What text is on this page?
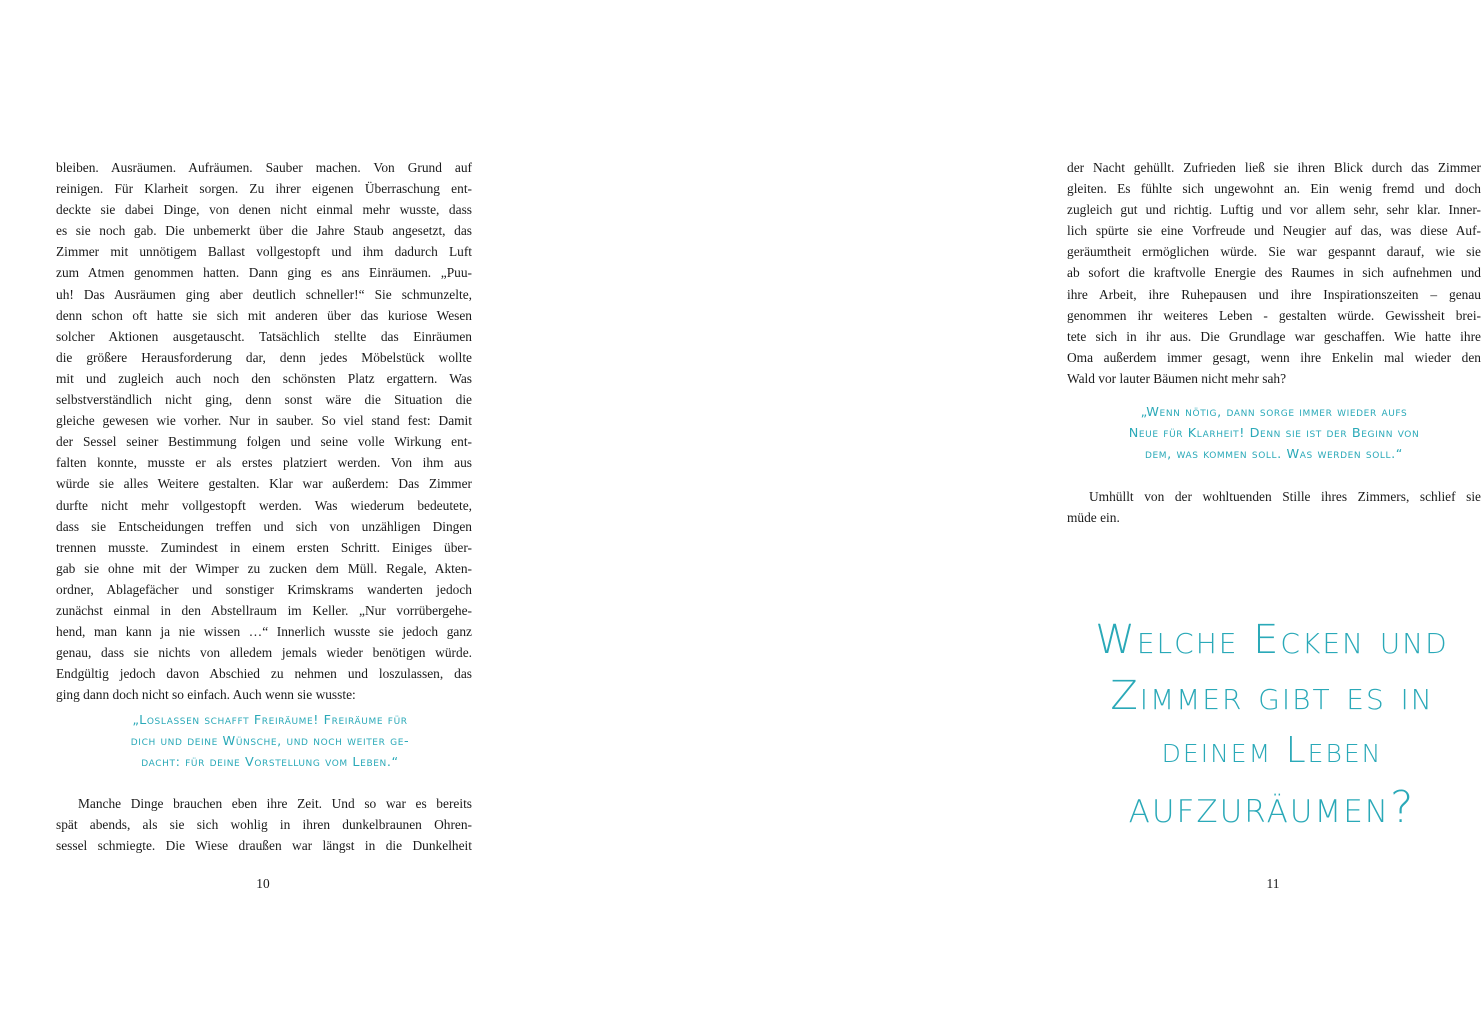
bleiben. Ausräumen. Aufräumen. Sauber machen. Von Grund auf
reinigen. Für Klarheit sorgen. Zu ihrer eigenen Überraschung ent-
deckte sie dabei Dinge, von denen nicht einmal mehr wusste, dass
es sie noch gab. Die unbemerkt über die Jahre Staub angesetzt, das
Zimmer mit unnötigem Ballast vollgestopft und ihm dadurch Luft
zum Atmen genommen hatten. Dann ging es ans Einräumen. „Puu-
uh! Das Ausräumen ging aber deutlich schneller!“ Sie schmunzelte,
denn schon oft hatte sie sich mit anderen über das kuriose Wesen
solcher Aktionen ausgetauscht. Tatsächlich stellte das Einräumen
die größere Herausforderung dar, denn jedes Möbelstück wollte
mit und zugleich auch noch den schönsten Platz ergattern. Was
selbstverständlich nicht ging, denn sonst wäre die Situation die
gleiche gewesen wie vorher. Nur in sauber. So viel stand fest: Damit
der Sessel seiner Bestimmung folgen und seine volle Wirkung ent-
falten konnte, musste er als erstes platziert werden. Von ihm aus
würde sie alles Weitere gestalten. Klar war außerdem: Das Zimmer
durfte nicht mehr vollgestopft werden. Was wiederum bedeutete,
dass sie Entscheidungen treffen und sich von unzähligen Dingen
trennen musste. Zumindest in einem ersten Schritt. Einiges über-
gab sie ohne mit der Wimper zu zucken dem Müll. Regale, Akten-
ordner, Ablagefächer und sonstiger Krimskrams wanderten jedoch
zunächst einmal in den Abstellraum im Keller. „Nur vorrübergehe-
hend, man kann ja nie wissen …“ Innerlich wusste sie jedoch ganz
genau, dass sie nichts von alledem jemals wieder benötigen würde.
Endgültig jedoch davon Abschied zu nehmen und loszulassen, das
ging dann doch nicht so einfach. Auch wenn sie wusste:
„Loslassen schafft Freiräume! Freiräume für
dich und deine Wünsche, und noch weiter ge-
dacht: für deine Vorstellung vom Leben.“
Manche Dinge brauchen eben ihre Zeit. Und so war es bereits
spät abends, als sie sich wohlig in ihren dunkelbraunen Ohren-
sessel schmiegte. Die Wiese draußen war längst in die Dunkelheit
10
der Nacht gehüllt. Zufrieden ließ sie ihren Blick durch das Zimmer
gleiten. Es fühlte sich ungewohnt an. Ein wenig fremd und doch
zugleich gut und richtig. Luftig und vor allem sehr, sehr klar. Inner-
lich spürte sie eine Vorfreude und Neugier auf das, was diese Auf-
geräumtheit ermöglichen würde. Sie war gespannt darauf, wie sie
ab sofort die kraftvolle Energie des Raumes in sich aufnehmen und
ihre Arbeit, ihre Ruhepausen und ihre Inspirationszeiten – genau
genommen ihr weiteres Leben - gestalten würde. Gewissheit brei-
tete sich in ihr aus. Die Grundlage war geschaffen. Wie hatte ihre
Oma außerdem immer gesagt, wenn ihre Enkelin mal wieder den
Wald vor lauter Bäumen nicht mehr sah?
„Wenn nötig, dann sorge immer wieder aufs
Neue für Klarheit! Denn sie ist der Beginn von
dem, was kommen soll. Was werden soll.“
Umhüllt von der wohltuenden Stille ihres Zimmers, schlief sie
müde ein.
Welche Ecken und
Zimmer gibt es in
deinem Leben
aufzuräumen?
11
